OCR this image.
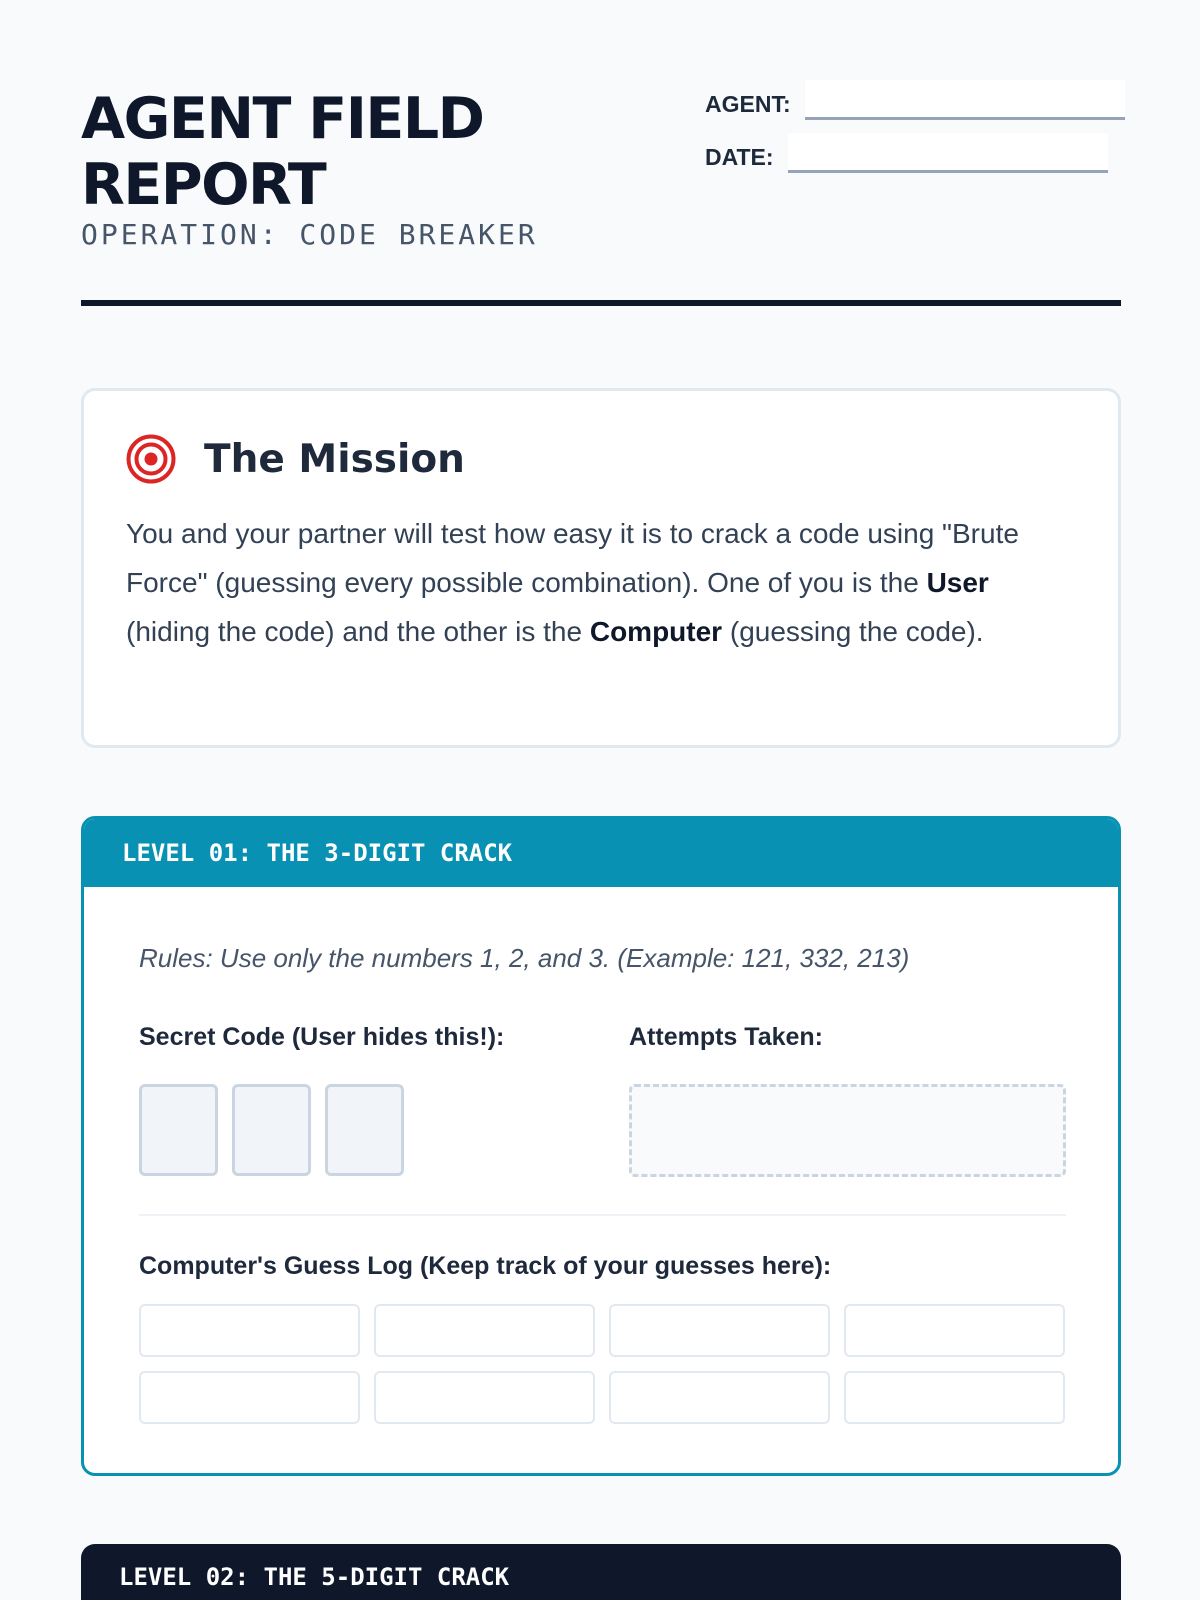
AGENT FIELD REPORT
OPERATION: CODE BREAKER
AGENT:
DATE:
The Mission

You and your partner will test how easy it is to crack a code using "Brute Force" (guessing every possible combination). One of you is the User (hiding the code) and the other is the Computer (guessing the code).

LEVEL 01: THE 3-DIGIT CRACK

Rules: Use only the numbers 1, 2, and 3. (Example: 121, 332, 213)

Secret Code (User hides this!):	Attempts Taken:
Computer's Guess Log (Keep track of your guesses here):
LEVEL 02: THE 5-DIGIT CRACK
